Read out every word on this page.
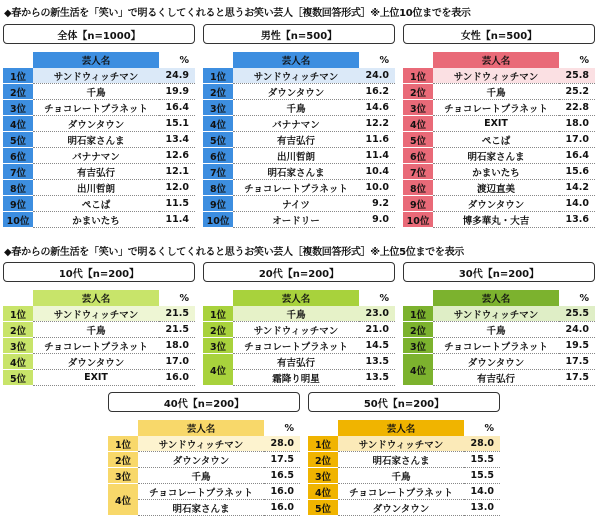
◆春からの新生活を「笑い」で明るくしてくれると思うお笑い芸人［複数回答形式］※上位10位までを表示
◆春からの新生活を「笑い」で明るくしてくれると思うお笑い芸人［複数回答形式］※上位5位までを表示
全体【n=1000】
	芸人名	%
1位	サンドウィッチマン	24.9
2位	千鳥	19.9
3位	チョコレートプラネット	16.4
4位	ダウンタウン	15.1
5位	明石家さんま	13.4
6位	バナナマン	12.6
7位	有吉弘行	12.1
8位	出川哲朗	12.0
9位	ぺこぱ	11.5
10位	かまいたち	11.4
男性【n=500】
	芸人名	%
1位	サンドウィッチマン	24.0
2位	ダウンタウン	16.2
3位	千鳥	14.6
4位	バナナマン	12.2
5位	有吉弘行	11.6
6位	出川哲朗	11.4
7位	明石家さんま	10.4
8位	チョコレートプラネット	10.0
9位	ナイツ	9.2
10位	オードリー	9.0
女性【n=500】
	芸人名	%
1位	サンドウィッチマン	25.8
2位	千鳥	25.2
3位	チョコレートプラネット	22.8
4位	EXIT	18.0
5位	ぺこぱ	17.0
6位	明石家さんま	16.4
7位	かまいたち	15.6
8位	渡辺直美	14.2
9位	ダウンタウン	14.0
10位	博多華丸・大吉	13.6
10代【n=200】
	芸人名	%
1位	サンドウィッチマン	21.5
2位	千鳥	21.5
3位	チョコレートプラネット	18.0
4位	ダウンタウン	17.0
5位	EXIT	16.0
20代【n=200】
	芸人名	%
1位	千鳥	23.0
2位	サンドウィッチマン	21.0
3位	チョコレートプラネット	14.5
4位	有吉弘行	13.5
	霜降り明星	13.5
30代【n=200】
	芸人名	%
1位	サンドウィッチマン	25.5
2位	千鳥	24.0
3位	チョコレートプラネット	19.5
4位	ダウンタウン	17.5
	有吉弘行	17.5
40代【n=200】
	芸人名	%
1位	サンドウィッチマン	28.0
2位	ダウンタウン	17.5
3位	千鳥	16.5
4位	チョコレートプラネット	16.0
	明石家さんま	16.0
50代【n=200】
	芸人名	%
1位	サンドウィッチマン	28.0
2位	明石家さんま	15.5
3位	千鳥	15.5
4位	チョコレートプラネット	14.0
5位	ダウンタウン	13.0
